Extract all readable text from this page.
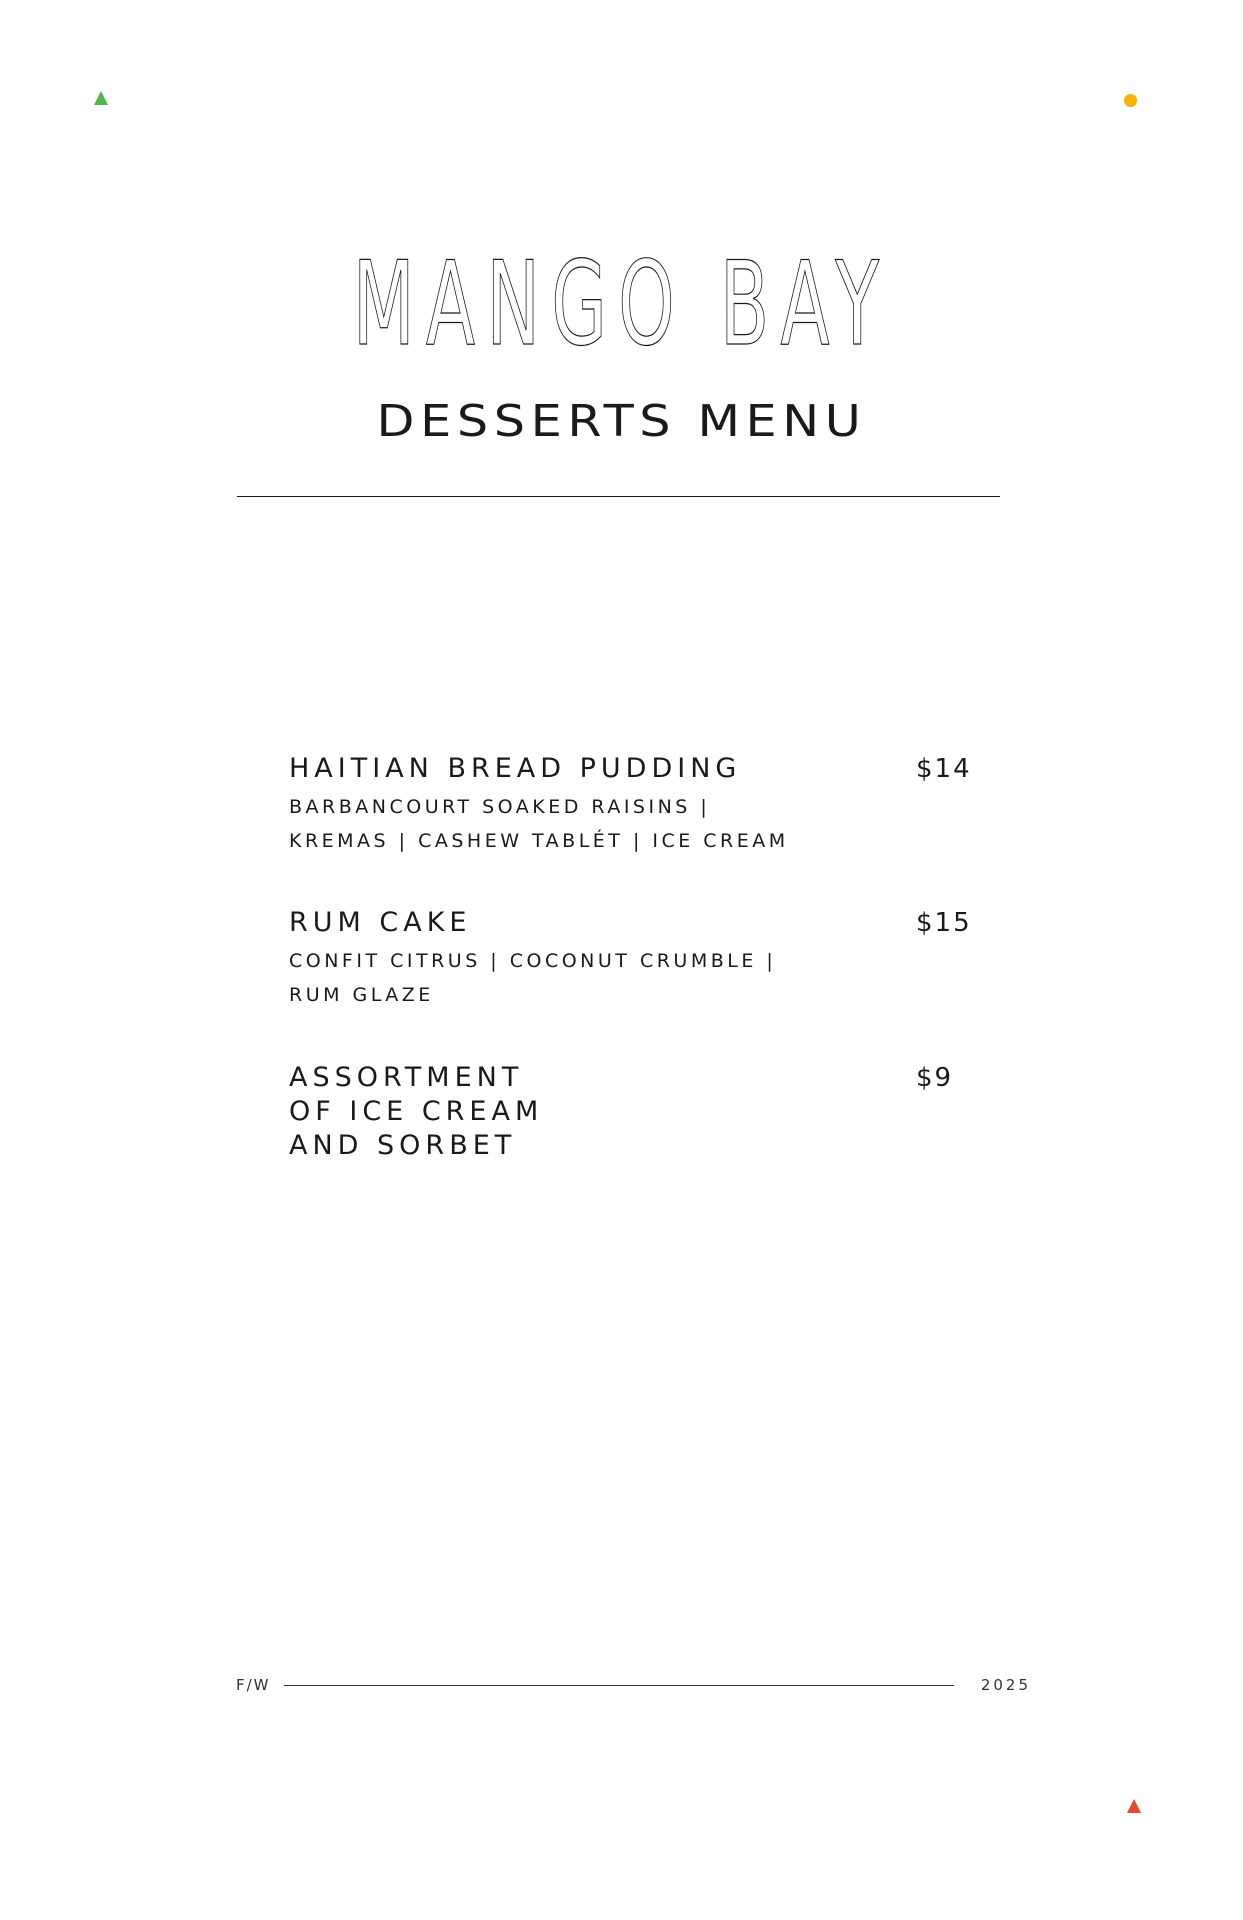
MANGO BAY
DESSERTS MENU
HAITIAN BREAD PUDDING
BARBANCOURT SOAKED RAISINS |
KREMAS | CASHEW TABLÉT | ICE CREAM
$14
RUM CAKE
CONFIT CITRUS | COCONUT CRUMBLE |
RUM GLAZE
$15
ASSORTMENT
OF ICE CREAM
AND SORBET
$9
F/W	2025
